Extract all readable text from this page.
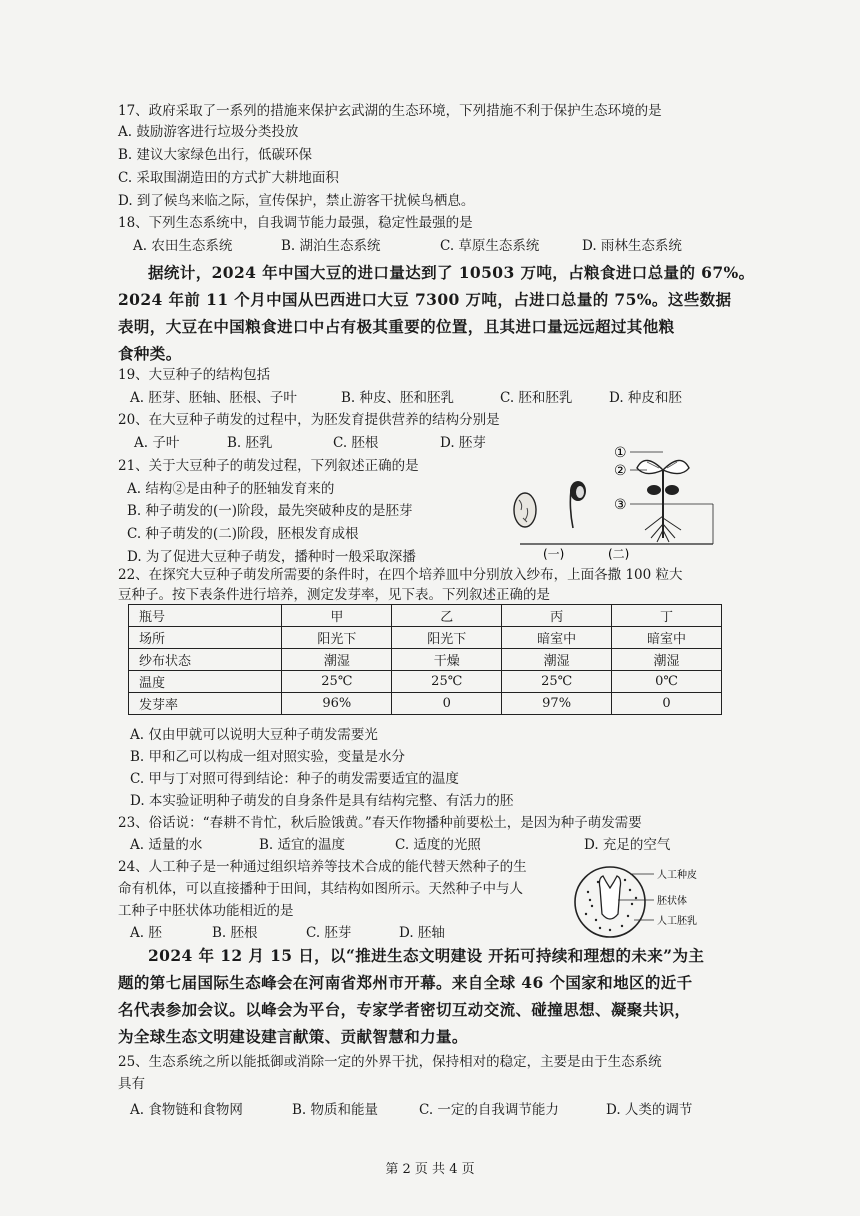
17、政府采取了一系列的措施来保护玄武湖的生态环境，下列措施不利于保护生态环境的是
A. 鼓励游客进行垃圾分类投放
B. 建议大家绿色出行，低碳环保
C. 采取围湖造田的方式扩大耕地面积
D. 到了候鸟来临之际，宣传保护，禁止游客干扰候鸟栖息。
18、下列生态系统中，自我调节能力最强，稳定性最强的是
A. 农田生态系统	B. 湖泊生态系统	C. 草原生态系统	D. 雨林生态系统
据统计，2024 年中国大豆的进口量达到了 10503 万吨，占粮食进口总量的 67%。
2024 年前 11 个月中国从巴西进口大豆 7300 万吨，占进口总量的 75%。这些数据
表明，大豆在中国粮食进口中占有极其重要的位置，且其进口量远远超过其他粮
食种类。
19、大豆种子的结构包括
A. 胚芽、胚轴、胚根、子叶	B. 种皮、胚和胚乳	C. 胚和胚乳	D. 种皮和胚
20、在大豆种子萌发的过程中，为胚发育提供营养的结构分别是
A. 子叶	B. 胚乳	C. 胚根	D. 胚芽
21、关于大豆种子的萌发过程，下列叙述正确的是
A. 结构②是由种子的胚轴发育来的
B. 种子萌发的(一)阶段，最先突破种皮的是胚芽
C. 种子萌发的(二)阶段，胚根发育成根
D. 为了促进大豆种子萌发，播种时一般采取深播
①
②
③
(一)	(二)
22、在探究大豆种子萌发所需要的条件时，在四个培养皿中分别放入纱布，上面各撒 100 粒大
豆种子。按下表条件进行培养，测定发芽率，见下表。下列叙述正确的是
瓶号	甲	乙	丙	丁
场所	阳光下	阳光下	暗室中	暗室中
纱布状态	潮湿	干燥	潮湿	潮湿
温度	25℃	25℃	25℃	0℃
发芽率	96%	0	97%	0
A. 仅由甲就可以说明大豆种子萌发需要光
B. 甲和乙可以构成一组对照实验，变量是水分
C. 甲与丁对照可得到结论：种子的萌发需要适宜的温度
D. 本实验证明种子萌发的自身条件是具有结构完整、有活力的胚
23、俗话说：“春耕不肯忙，秋后脸饿黄。”春天作物播种前要松土，是因为种子萌发需要
A. 适量的水	B. 适宜的温度	C. 适度的光照	D. 充足的空气
24、人工种子是一种通过组织培养等技术合成的能代替天然种子的生
命有机体，可以直接播种于田间，其结构如图所示。天然种子中与人
工种子中胚状体功能相近的是
A. 胚	B. 胚根	C. 胚芽	D. 胚轴
人工种皮
胚状体
人工胚乳
2024 年 12 月 15 日，以“推进生态文明建设 开拓可持续和理想的未来”为主
题的第七届国际生态峰会在河南省郑州市开幕。来自全球 46 个国家和地区的近千
名代表参加会议。以峰会为平台，专家学者密切互动交流、碰撞思想、凝聚共识，
为全球生态文明建设建言献策、贡献智慧和力量。
25、生态系统之所以能抵御或消除一定的外界干扰，保持相对的稳定，主要是由于生态系统
具有
A. 食物链和食物网	B. 物质和能量	C. 一定的自我调节能力	D. 人类的调节
第 2 页 共 4 页
